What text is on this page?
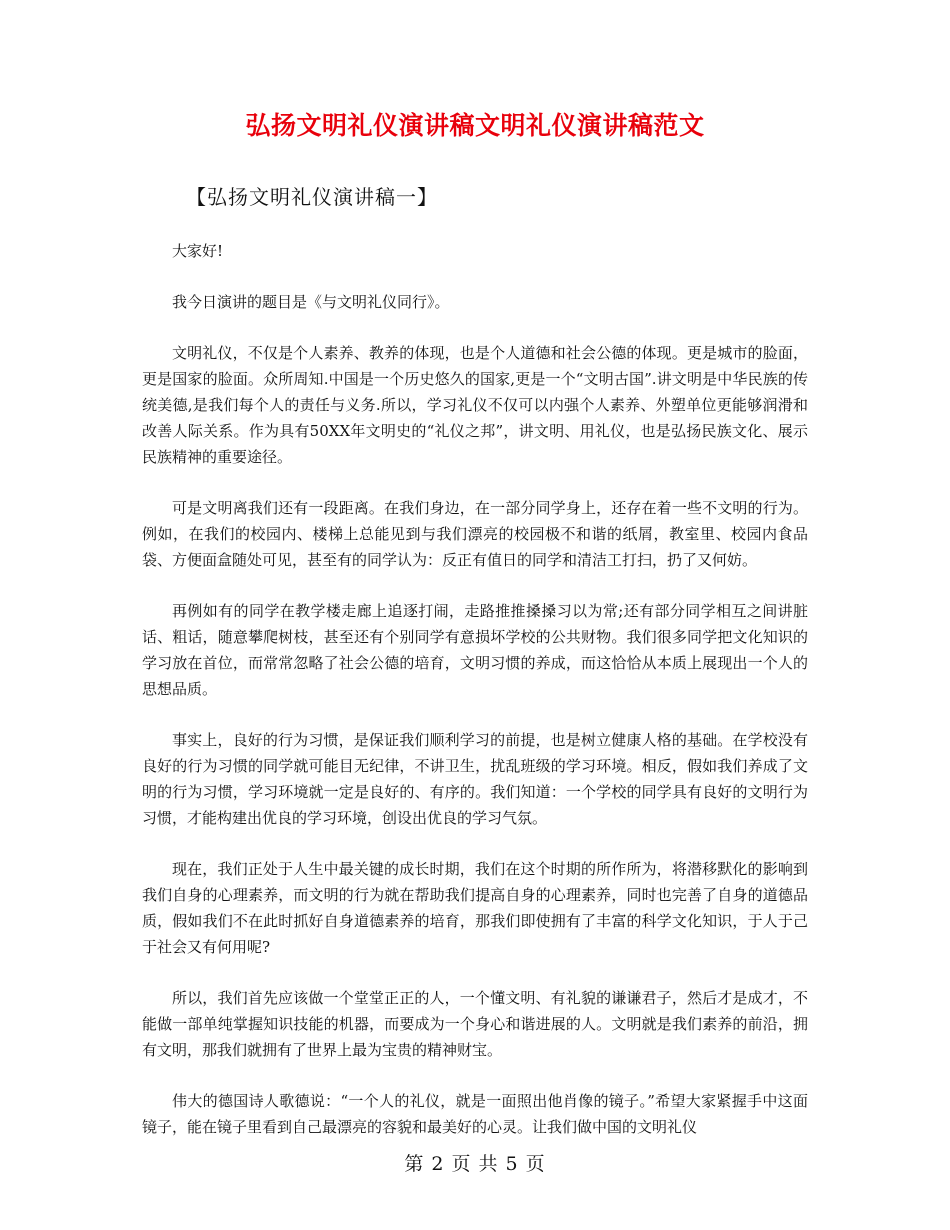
弘扬文明礼仪演讲稿文明礼仪演讲稿范文
【弘扬文明礼仪演讲稿一】

大家好!

我今日演讲的题目是《与文明礼仪同行》。

文明礼仪，不仅是个人素养、教养的体现，也是个人道德和社会公德的体现。更是城市的脸面，更是国家的脸面。众所周知.中国是一个历史悠久的国家,更是一个“文明古国”.讲文明是中华民族的传统美德,是我们每个人的责任与义务.所以，学习礼仪不仅可以内强个人素养、外塑单位更能够润滑和改善人际关系。作为具有50XX年文明史的“礼仪之邦”，讲文明、用礼仪，也是弘扬民族文化、展示民族精神的重要途径。

可是文明离我们还有一段距离。在我们身边，在一部分同学身上，还存在着一些不文明的行为。例如，在我们的校园内、楼梯上总能见到与我们漂亮的校园极不和谐的纸屑，教室里、校园内食品袋、方便面盒随处可见，甚至有的同学认为：反正有值日的同学和清洁工打扫，扔了又何妨。

再例如有的同学在教学楼走廊上追逐打闹，走路推推搡搡习以为常;还有部分同学相互之间讲脏话、粗话，随意攀爬树枝，甚至还有个别同学有意损坏学校的公共财物。我们很多同学把文化知识的学习放在首位，而常常忽略了社会公德的培育，文明习惯的养成，而这恰恰从本质上展现出一个人的思想品质。

事实上，良好的行为习惯，是保证我们顺利学习的前提，也是树立健康人格的基础。在学校没有良好的行为习惯的同学就可能目无纪律，不讲卫生，扰乱班级的学习环境。相反，假如我们养成了文明的行为习惯，学习环境就一定是良好的、有序的。我们知道：一个学校的同学具有良好的文明行为习惯，才能构建出优良的学习环境，创设出优良的学习气氛。

现在，我们正处于人生中最关键的成长时期，我们在这个时期的所作所为，将潜移默化的影响到我们自身的心理素养，而文明的行为就在帮助我们提高自身的心理素养，同时也完善了自身的道德品质，假如我们不在此时抓好自身道德素养的培育，那我们即使拥有了丰富的科学文化知识，于人于己于社会又有何用呢?

所以，我们首先应该做一个堂堂正正的人，一个懂文明、有礼貌的谦谦君子，然后才是成才，不能做一部单纯掌握知识技能的机器，而要成为一个身心和谐进展的人。文明就是我们素养的前沿，拥有文明，那我们就拥有了世界上最为宝贵的精神财宝。

伟大的德国诗人歌德说：“一个人的礼仪，就是一面照出他肖像的镜子。”希望大家紧握手中这面镜子，能在镜子里看到自己最漂亮的容貌和最美好的心灵。让我们做中国的文明礼仪

第 2 页 共 5 页
